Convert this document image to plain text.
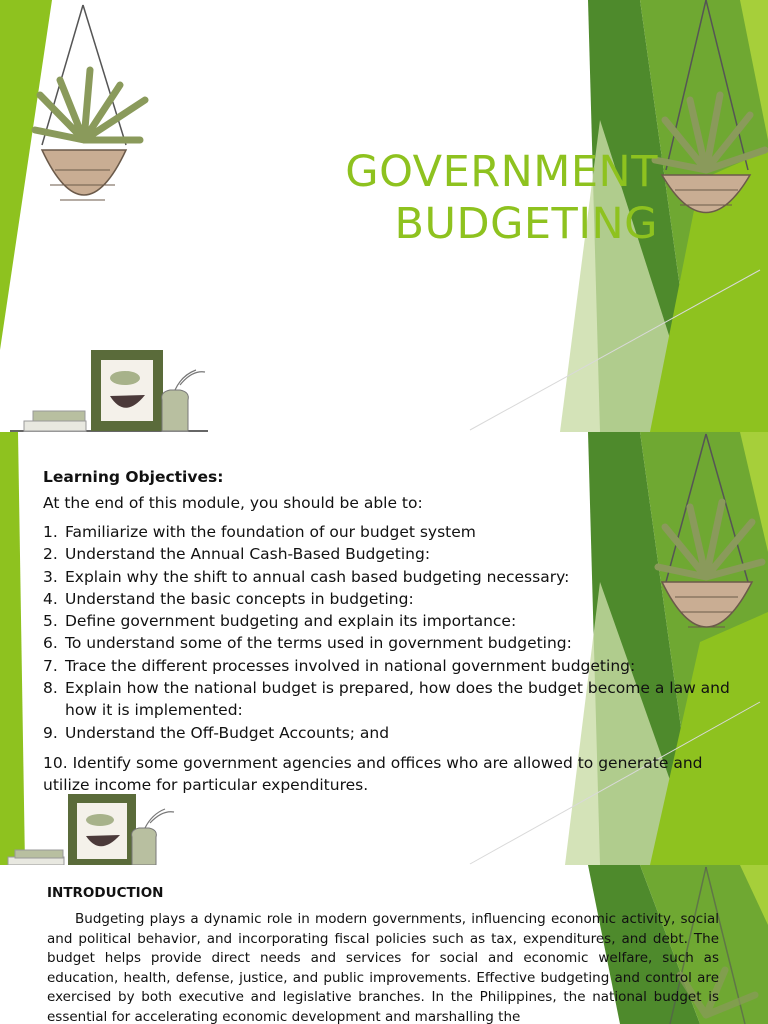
GOVERNMENT
BUDGETING

Learning Objectives:

At the end of this module, you should be able to:

1. Familiarize with the foundation of our budget system
2. Understand the Annual Cash-Based Budgeting:
3. Explain why the shift to annual cash based budgeting necessary:
4. Understand the basic concepts in budgeting:
5. Define government budgeting and explain its importance:
6. To understand some of the terms used in government budgeting:
7. Trace the different processes involved in national government budgeting:
8. Explain how the national budget is prepared, how does the budget become a law and how it is implemented:
9. Understand the Off-Budget Accounts; and

10. Identify some government agencies and offices who are allowed to generate and utilize income for particular expenditures.

INTRODUCTION

Budgeting plays a dynamic role in modern governments, influencing economic activity, social and political behavior, and incorporating fiscal policies such as tax, expenditures, and debt. The budget helps provide direct needs and services for social and economic welfare, such as education, health, defense, justice, and public improvements. Effective budgeting and control are exercised by both executive and legislative branches. In the Philippines, the national budget is essential for accelerating economic development and marshalling the
